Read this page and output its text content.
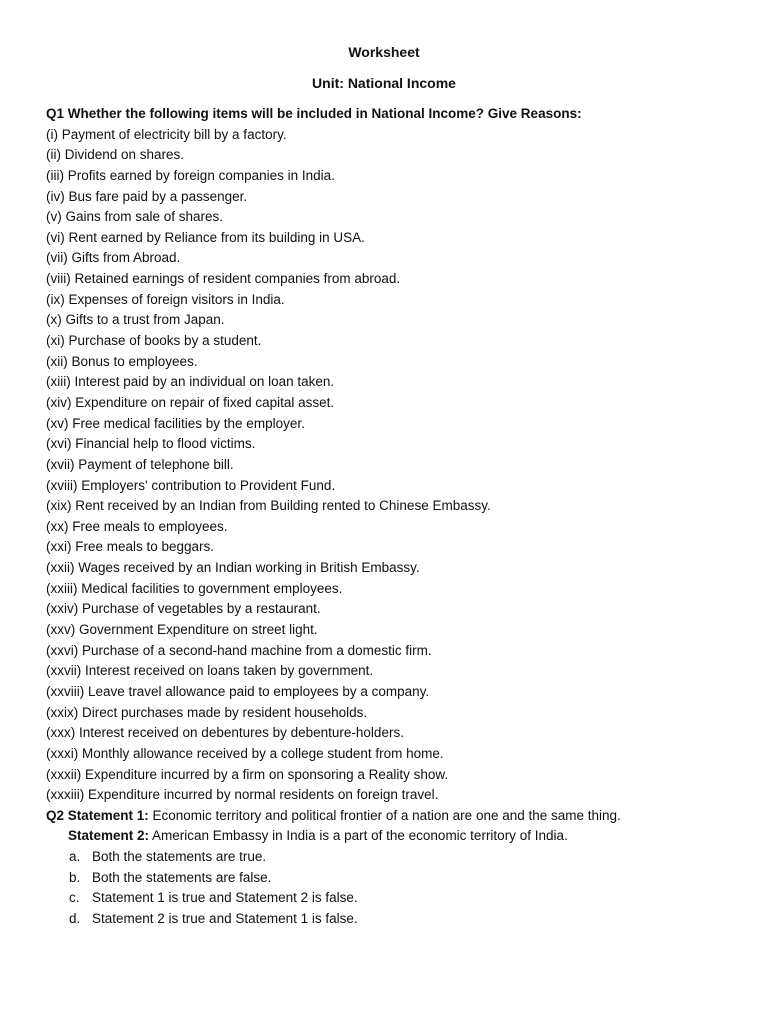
Worksheet
Unit: National Income
Q1 Whether the following items will be included in National Income? Give Reasons:
(i) Payment of electricity bill by a factory.
(ii) Dividend on shares.
(iii) Profits earned by foreign companies in India.
(iv) Bus fare paid by a passenger.
(v) Gains from sale of shares.
(vi) Rent earned by Reliance from its building in USA.
(vii) Gifts from Abroad.
(viii) Retained earnings of resident companies from abroad.
(ix) Expenses of foreign visitors in India.
(x) Gifts to a trust from Japan.
(xi) Purchase of books by a student.
(xii) Bonus to employees.
(xiii) Interest paid by an individual on loan taken.
(xiv) Expenditure on repair of fixed capital asset.
(xv) Free medical facilities by the employer.
(xvi) Financial help to flood victims.
(xvii) Payment of telephone bill.
(xviii) Employers' contribution to Provident Fund.
(xix) Rent received by an Indian from Building rented to Chinese Embassy.
(xx) Free meals to employees.
(xxi) Free meals to beggars.
(xxii) Wages received by an Indian working in British Embassy.
(xxiii) Medical facilities to government employees.
(xxiv) Purchase of vegetables by a restaurant.
(xxv) Government Expenditure on street light.
(xxvi) Purchase of a second-hand machine from a domestic firm.
(xxvii) Interest received on loans taken by government.
(xxviii) Leave travel allowance paid to employees by a company.
(xxix) Direct purchases made by resident households.
(xxx) Interest received on debentures by debenture-holders.
(xxxi) Monthly allowance received by a college student from home.
(xxxii) Expenditure incurred by a firm on sponsoring a Reality show.
(xxxiii) Expenditure incurred by normal residents on foreign travel.
Q2 Statement 1: Economic territory and political frontier of a nation are one and the same thing.
Statement 2: American Embassy in India is a part of the economic territory of India.
a. Both the statements are true.
b. Both the statements are false.
c. Statement 1 is true and Statement 2 is false.
d. Statement 2 is true and Statement 1 is false.
